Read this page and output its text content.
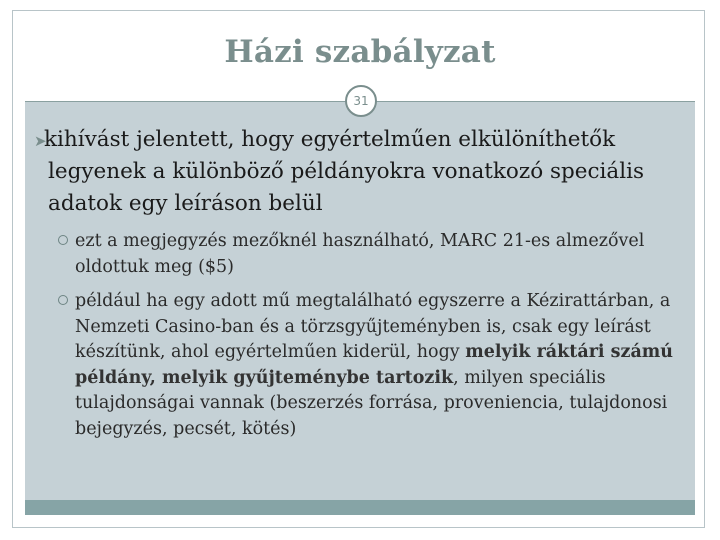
Házi szabályzat
31
➤
kihívást jelentett, hogy egyértelműen elkülöníthetők legyenek a különböző példányokra vonatkozó speciális adatok egy leíráson belül
ezt a megjegyzés mezőknél használható, MARC 21-es almezővel oldottuk meg ($5)
például ha egy adott mű megtalálható egyszerre a Kézirattárban, a Nemzeti Casino-ban és a törzsgyűjteményben is, csak egy leírást készítünk, ahol egyértelműen kiderül, hogy melyik ráktári számú példány, melyik gyűjteménybe tartozik, milyen speciális tulajdonságai vannak (beszerzés forrása, proveniencia, tulajdonosi bejegyzés, pecsét, kötés)
